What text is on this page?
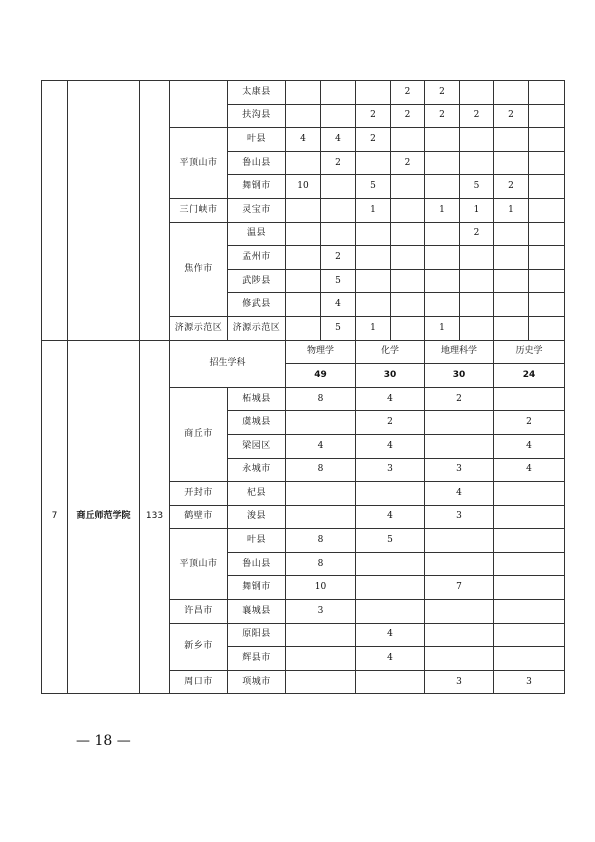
				太康县				2	2				
				扶沟县			2	2	2	2	2		
			平顶山市	叶县	4	4	2						
				鲁山县		2		2					
				舞钢市	10		5			5	2		
			三门峡市	灵宝市			1		1	1	1		
			焦作市	温县						2			
				孟州市		2							
				武陟县		5							
				修武县		4							
			济源示范区	济源示范区		5	1		1				
7	商丘师范学院	133	招生学科		物理学		化学		地理科学		历史学		
					49		30		30		24		
			商丘市	柘城县	8		4		2				
				虞城县			2				2		
				梁园区	4		4				4		
				永城市	8		3		3		4		
			开封市	杞县					4				
			鹤壁市	浚县			4		3				
			平顶山市	叶县	8		5						
				鲁山县	8								
				舞钢市	10				7				
			许昌市	襄城县	3								
			新乡市	原阳县			4						
				辉县市			4						
			周口市	项城市					3		3		
— 18 —
